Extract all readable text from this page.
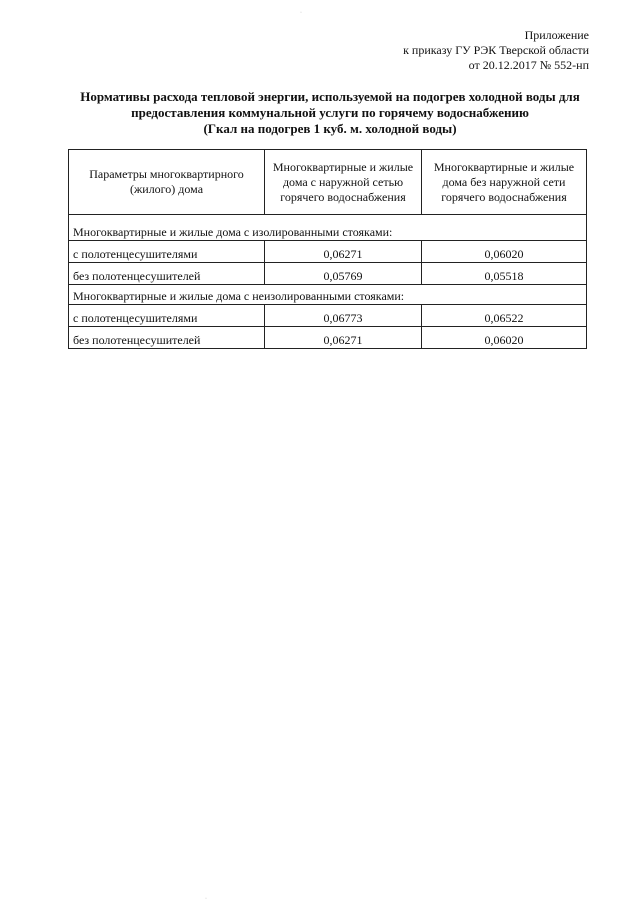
Приложение
к приказу ГУ РЭК Тверской области
от 20.12.2017 № 552-нп
Нормативы расхода тепловой энергии, используемой на подогрев холодной воды для
предоставления коммунальной услуги по горячему водоснабжению
(Гкал на подогрев 1 куб. м. холодной воды)
Параметры многоквартирного (жилого) дома	Многоквартирные и жилые дома с наружной сетью горячего водоснабжения	Многоквартирные и жилые дома без наружной сети горячего водоснабжения

Многоквартирные и жилые дома с изолированными стояками:		
с полотенцесушителями	0,06271	0,06020
без полотенцесушителей	0,05769	0,05518
Многоквартирные и жилые дома с неизолированными стояками:		
с полотенцесушителями	0,06773	0,06522
без полотенцесушителей	0,06271	0,06020
·
·
